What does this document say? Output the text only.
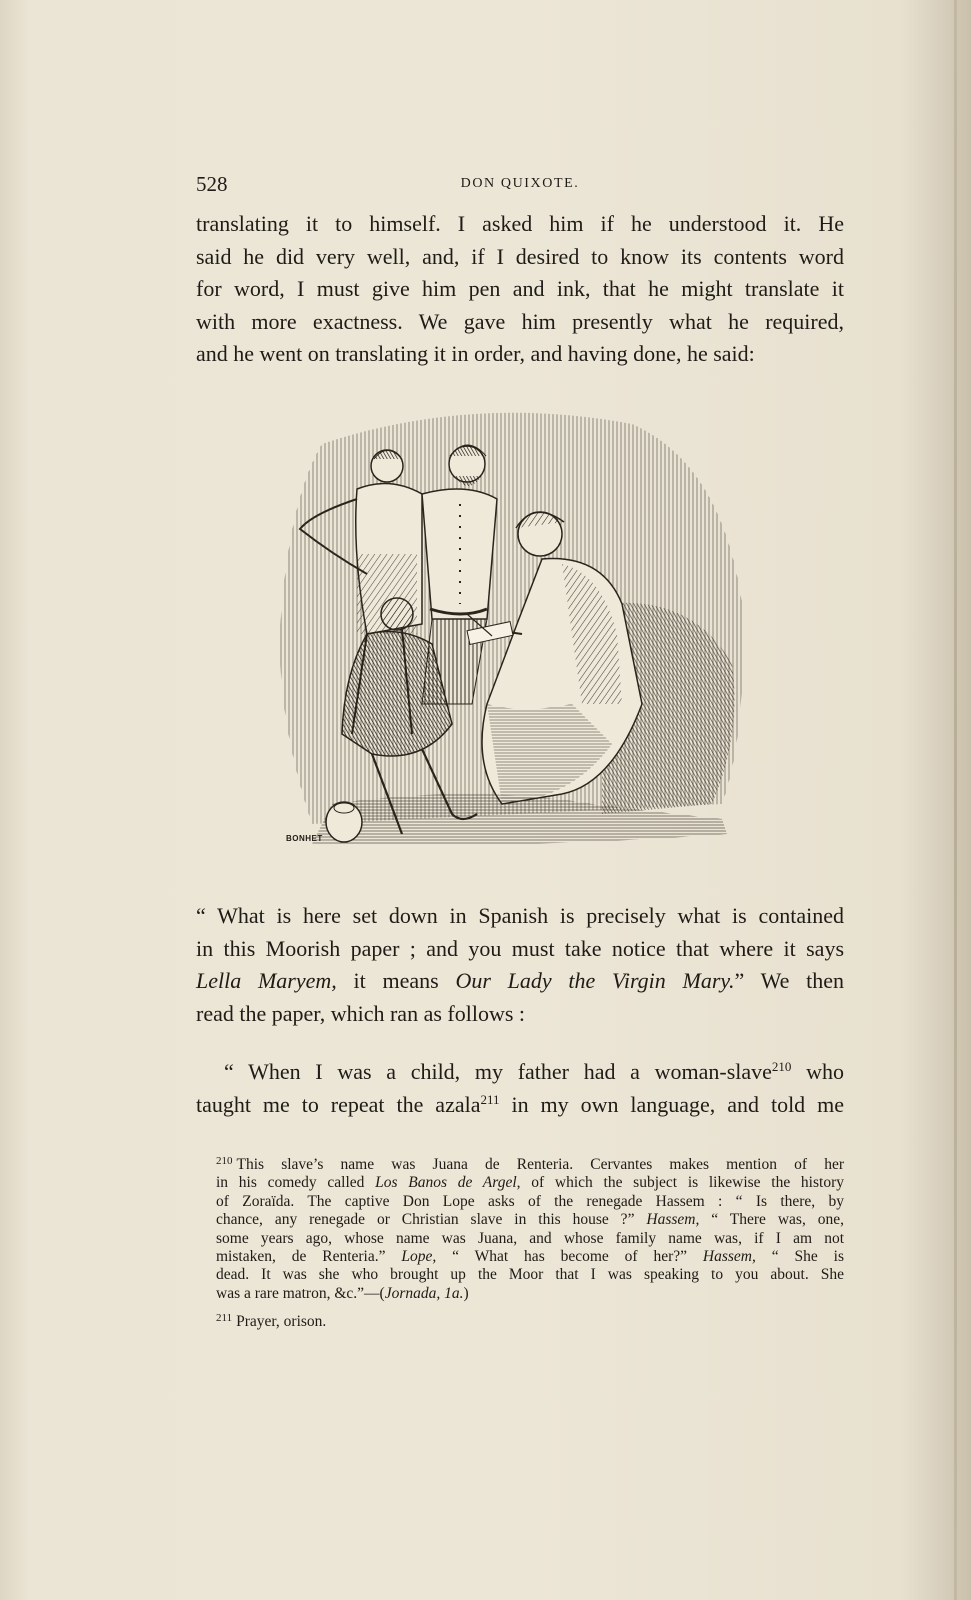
528	DON QUIXOTE.
translating it to himself. I asked him if he understood it. He
said he did very well, and, if I desired to know its contents word
for word, I must give him pen and ink, that he might translate it
with more exactness. We gave him presently what he required,
and he went on translating it in order, and having done, he said:
BONHET
“ What is here set down in Spanish is precisely what is contained
in this Moorish paper ; and you must take notice that where it says
Lella Maryem, it means Our Lady the Virgin Mary.” We then
read the paper, which ran as follows :
“ When I was a child, my father had a woman-slave$^{210}$ who
taught me to repeat the azala$^{211}$ in my own language, and told me
$^{210}$ This slave’s name was Juana de Renteria. Cervantes makes mention of her
in his comedy called Los Banos de Argel, of which the subject is likewise the history
of Zoraïda. The captive Don Lope asks of the renegade Hassem : “ Is there, by
chance, any renegade or Christian slave in this house ?” Hassem, “ There was, one,
some years ago, whose name was Juana, and whose family name was, if I am not
mistaken, de Renteria.” Lope, “ What has become of her?” Hassem, “ She is
dead. It was she who brought up the Moor that I was speaking to you about. She
was a rare matron, &c.”—(Jornada, 1a.)
$^{211}$ Prayer, orison.
